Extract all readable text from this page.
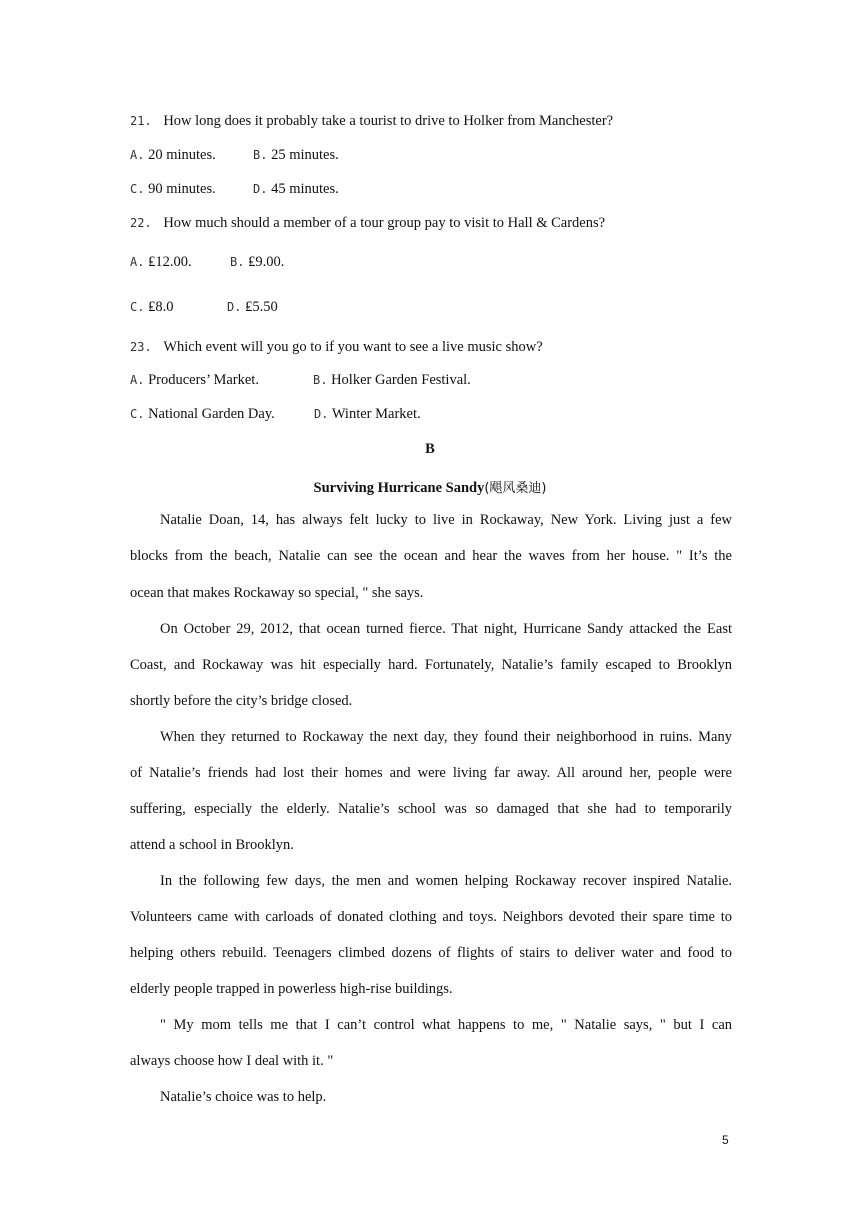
21. How long does it probably take a tourist to drive to Holker from Manchester?
A. 20 minutes.	B. 25 minutes.
C. 90 minutes.	D. 45 minutes.
22. How much should a member of a tour group pay to visit to Hall & Cardens?
A. ₤12.00.	B. ₤9.00.
C. ₤8.0	D. ₤5.50
23. Which event will you go to if you want to see a live music show?
A. Producers’ Market.	B. Holker Garden Festival.
C. National Garden Day.	D. Winter Market.
B
Surviving Hurricane Sandy(飓风桑迪)
Natalie Doan, 14, has always felt lucky to live in Rockaway, New York. Living just a few
blocks from the beach, Natalie can see the ocean and hear the waves from her house. " It’s the
ocean that makes Rockaway so special, " she says.
On October 29, 2012, that ocean turned fierce. That night, Hurricane Sandy attacked the East
Coast, and Rockaway was hit especially hard. Fortunately, Natalie’s family escaped to Brooklyn
shortly before the city’s bridge closed.
When they returned to Rockaway the next day, they found their neighborhood in ruins. Many
of Natalie’s friends had lost their homes and were living far away. All around her, people were
suffering, especially the elderly. Natalie’s school was so damaged that she had to temporarily
attend a school in Brooklyn.
In the following few days, the men and women helping Rockaway recover inspired Natalie.
Volunteers came with carloads of donated clothing and toys. Neighbors devoted their spare time to
helping others rebuild. Teenagers climbed dozens of flights of stairs to deliver water and food to
elderly people trapped in powerless high-rise buildings.
" My mom tells me that I can’t control what happens to me, " Natalie says, " but I can
always choose how I deal with it. "
Natalie’s choice was to help.
5
